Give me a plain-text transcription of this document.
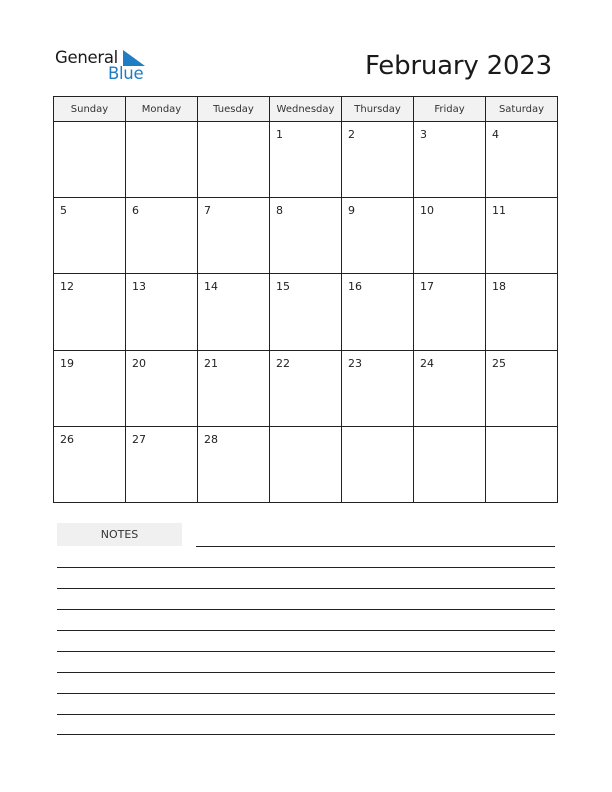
General
Blue	February 2023
Sunday	Monday	Tuesday	Wednesday	Thursday	Friday	Saturday

			1	2	3	4

5	6	7	8	9	10	11

12	13	14	15	16	17	18

19	20	21	22	23	24	25

26	27	28				

NOTES
